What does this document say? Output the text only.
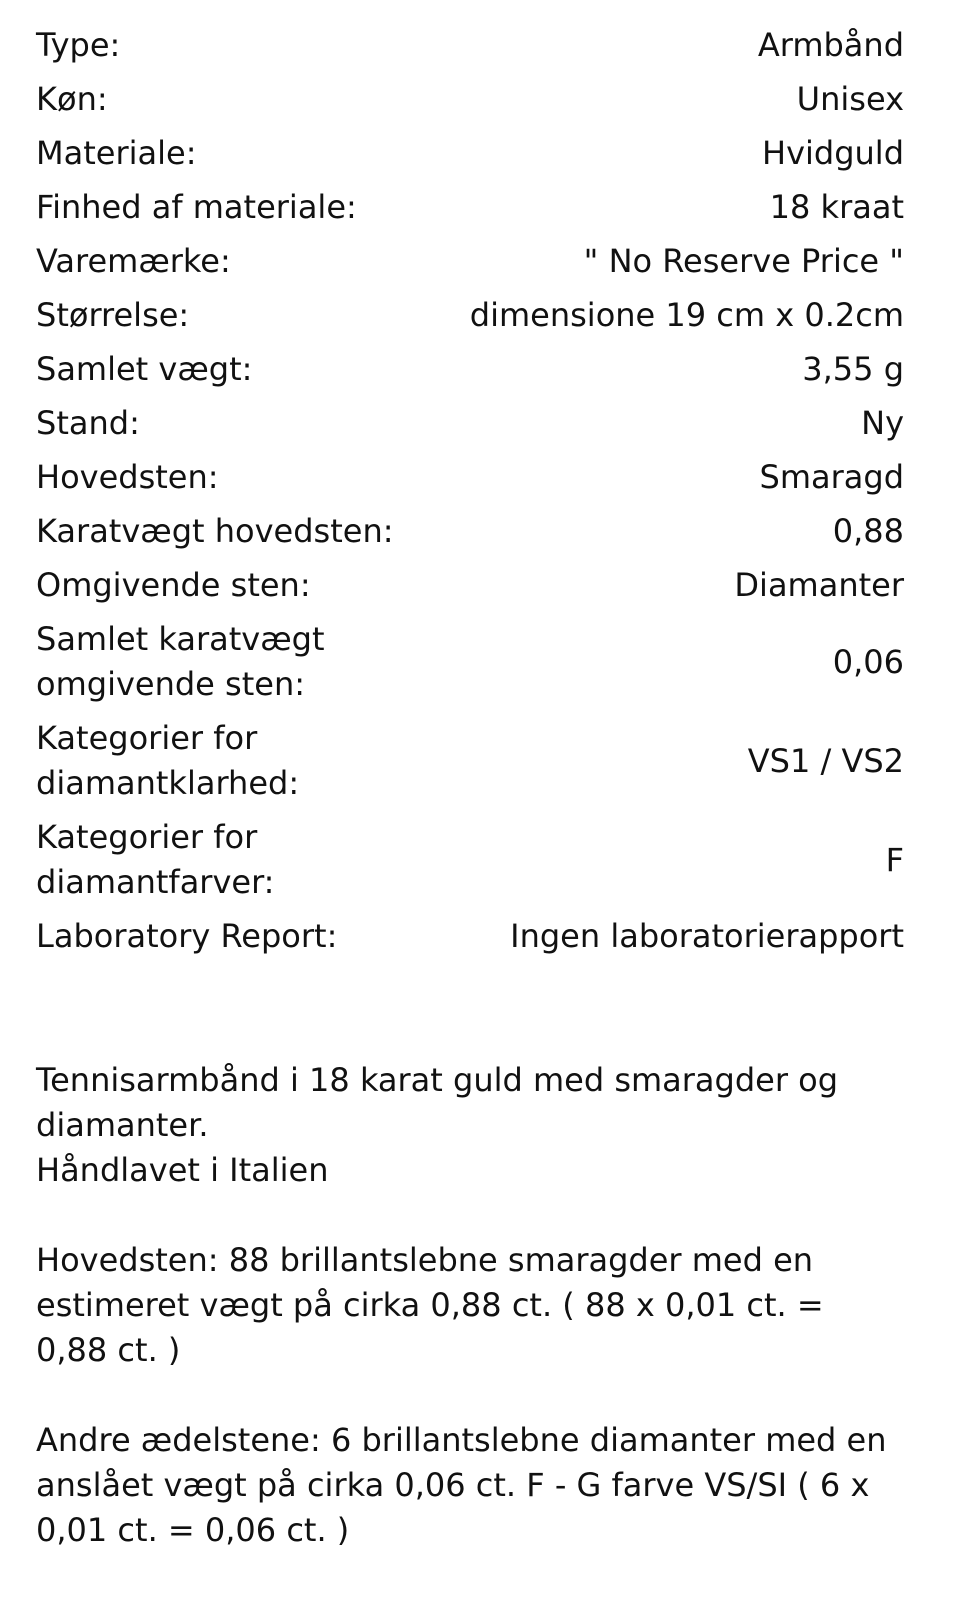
Type:	Armbånd
Køn:	Unisex
Materiale:	Hvidguld
Finhed af materiale:	18 kraat
Varemærke:	" No Reserve Price "
Størrelse:	dimensione 19 cm x 0.2cm
Samlet vægt:	3,55 g
Stand:	Ny
Hovedsten:	Smaragd
Karatvægt hovedsten:	0,88
Omgivende sten:	Diamanter
Samlet karatvægt omgivende sten:	0,06
Kategorier for diamantklarhed:	VS1 / VS2
Kategorier for diamantfarver:	F
Laboratory Report:	Ingen laboratorierapport

Tennisarmbånd i 18 karat guld med smaragder og diamanter.
Håndlavet i Italien

Hovedsten: 88 brillantslebne smaragder med en estimeret vægt på cirka 0,88 ct. ( 88 x 0,01 ct. = 0,88 ct. )

Andre ædelstene: 6 brillantslebne diamanter med en anslået vægt på cirka 0,06 ct. F - G farve VS/SI ( 6 x 0,01 ct. = 0,06 ct. )
